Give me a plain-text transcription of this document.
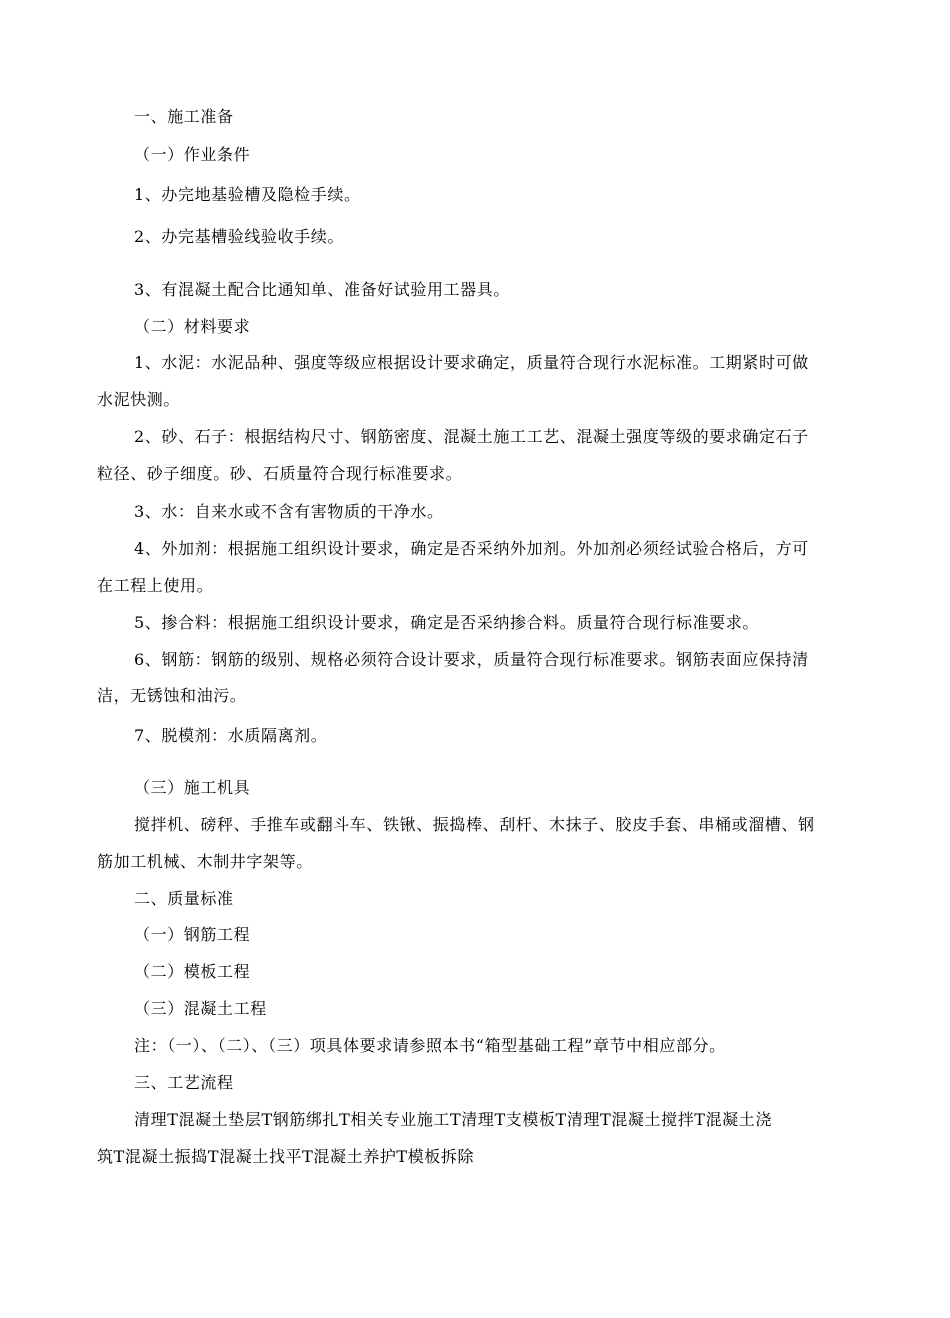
一、施工准备
（一）作业条件
1、办完地基验槽及隐检手续。
2、办完基槽验线验收手续。
3、有混凝土配合比通知单、准备好试验用工器具。
（二）材料要求
1、水泥：水泥品种、强度等级应根据设计要求确定，质量符合现行水泥标准。工期紧时可做
水泥快测。
2、砂、石子：根据结构尺寸、钢筋密度、混凝土施工工艺、混凝土强度等级的要求确定石子
粒径、砂子细度。砂、石质量符合现行标准要求。
3、水：自来水或不含有害物质的干净水。
4、外加剂：根据施工组织设计要求，确定是否采纳外加剂。外加剂必须经试验合格后，方可
在工程上使用。
5、掺合料：根据施工组织设计要求，确定是否采纳掺合料。质量符合现行标准要求。
6、钢筋：钢筋的级别、规格必须符合设计要求，质量符合现行标准要求。钢筋表面应保持清
洁，无锈蚀和油污。
7、脱模剂：水质隔离剂。
（三）施工机具
搅拌机、磅秤、手推车或翻斗车、铁锹、振捣棒、刮杆、木抹子、胶皮手套、串桶或溜槽、钢
筋加工机械、木制井字架等。
二、质量标准
（一）钢筋工程
（二）模板工程
（三）混凝土工程
注：（一）、（二）、（三）项具体要求请参照本书“箱型基础工程”章节中相应部分。
三、工艺流程
清理T混凝土垫层T钢筋绑扎T相关专业施工T清理T支模板T清理T混凝土搅拌T混凝土浇
筑T混凝土振捣T混凝土找平T混凝土养护T模板拆除
